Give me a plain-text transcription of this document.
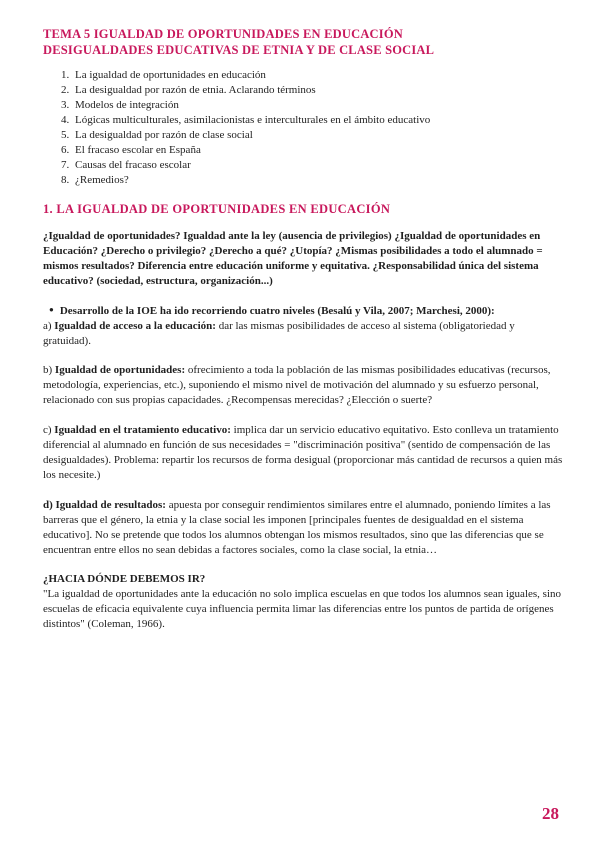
TEMA 5 IGUALDAD DE OPORTUNIDADES EN EDUCACIÓN
DESIGUALDADES EDUCATIVAS DE ETNIA Y DE CLASE SOCIAL
1. La igualdad de oportunidades en educación
2. La desigualdad por razón de etnia. Aclarando términos
3. Modelos de integración
4. Lógicas multiculturales, asimilacionistas e interculturales en el ámbito educativo
5. La desigualdad por razón de clase social
6. El fracaso escolar en España
7. Causas del fracaso escolar
8. ¿Remedios?
1. LA IGUALDAD DE OPORTUNIDADES EN EDUCACIÓN

¿Igualdad de oportunidades? Igualdad ante la ley (ausencia de privilegios) ¿Igualdad de oportunidades en Educación? ¿Derecho o privilegio? ¿Derecho a qué? ¿Utopía? ¿Mismas posibilidades a todo el alumnado = mismos resultados? Diferencia entre educación uniforme y equitativa. ¿Responsabilidad única del sistema educativo? (sociedad, estructura, organización...)

● Desarrollo de la IOE ha ido recorriendo cuatro niveles (Besalú y Vila, 2007; Marchesi, 2000):

a) Igualdad de acceso a la educación: dar las mismas posibilidades de acceso al sistema (obligatoriedad y gratuidad).

b) Igualdad de oportunidades: ofrecimiento a toda la población de las mismas posibilidades educativas (recursos, metodología, experiencias, etc.), suponiendo el mismo nivel de motivación del alumnado y su esfuerzo personal, relacionado con sus propias capacidades. ¿Recompensas merecidas? ¿Elección o suerte?

c) Igualdad en el tratamiento educativo: implica dar un servicio educativo equitativo. Esto conlleva un tratamiento diferencial al alumnado en función de sus necesidades = "discriminación positiva" (sentido de compensación de las desigualdades). Problema: repartir los recursos de forma desigual (proporcionar más cantidad de recursos a quien más los necesite.)

d) Igualdad de resultados: apuesta por conseguir rendimientos similares entre el alumnado, poniendo límites a las barreras que el género, la etnia y la clase social les imponen [principales fuentes de desigualdad en el sistema educativo]. No se pretende que todos los alumnos obtengan los mismos resultados, sino que las diferencias que se encuentran entre ellos no sean debidas a factores sociales, como la clase social, la etnia…

¿HACIA DÓNDE DEBEMOS IR?

"La igualdad de oportunidades ante la educación no solo implica escuelas en que todos los alumnos sean iguales, sino escuelas de eficacia equivalente cuya influencia permita limar las diferencias entre los puntos de partida de orígenes distintos" (Coleman, 1966).

28
